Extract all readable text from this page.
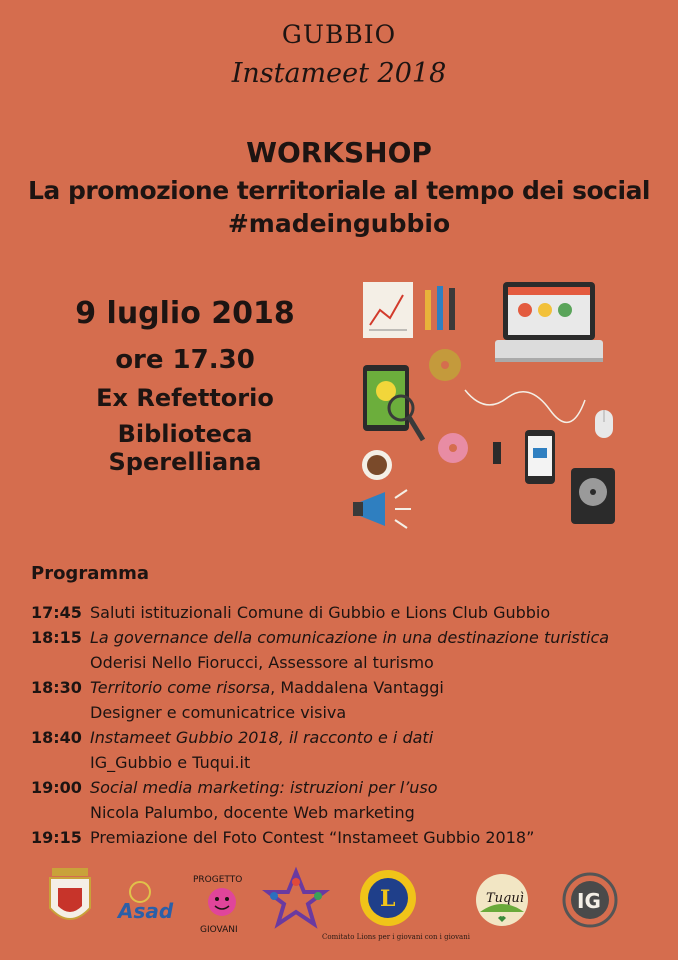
GUBBIO
Instameet 2018
WORKSHOP
La promozione territoriale al tempo dei social
#madeingubbio
9 luglio 2018
ore 17.30
Ex Refettorio
Biblioteca Sperelliana
Programma
17:45 Saluti istituzionali Comune di Gubbio e Lions Club Gubbio
18:15 La governance della comunicazione in una destinazione turistica
Oderisi Nello Fiorucci, Assessore al turismo
18:30 Territorio come risorsa, Maddalena Vantaggi
Designer e comunicatrice visiva
18:40 Instameet Gubbio 2018, il racconto e i dati
IG_Gubbio e Tuqui.it
19:00 Social media marketing: istruzioni per l’uso
Nicola Palumbo, docente Web marketing
19:15 Premiazione del Foto Contest “Instameet Gubbio 2018”
Asad
PROGETTO
GIOVANI
L	Tuquì	IG
Comitato Lions per i giovani con i giovani
